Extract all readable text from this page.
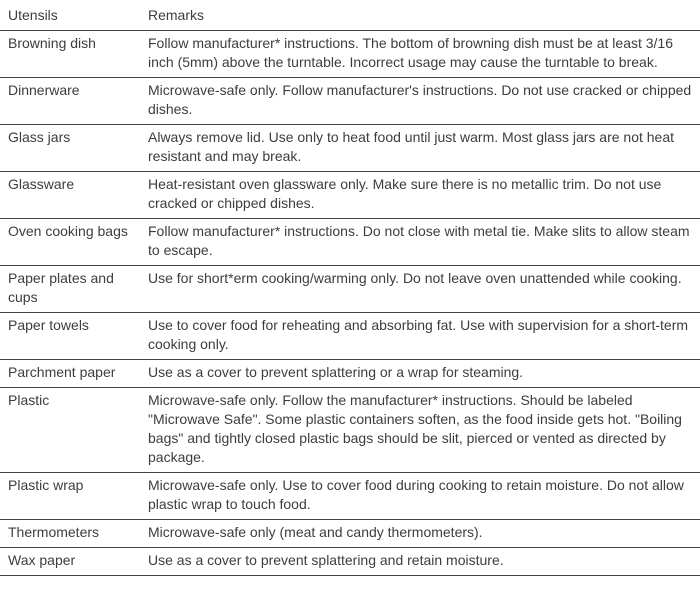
Utensils	Remarks
Browning dish	Follow manufacturer* instructions. The bottom of browning dish must be at least 3/16 inch (5mm) above the turntable. Incorrect usage may cause the turntable to break.
Dinnerware	Microwave-safe only. Follow manufacturer's instructions. Do not use cracked or chipped dishes.
Glass jars	Always remove lid. Use only to heat food until just warm. Most glass jars are not heat resistant and may break.
Glassware	Heat-resistant oven glassware only. Make sure there is no metallic trim. Do not use cracked or chipped dishes.
Oven cooking bags	Follow manufacturer* instructions. Do not close with metal tie. Make slits to allow steam to escape.
Paper plates and cups	Use for short*erm cooking/warming only. Do not leave oven unattended while cooking.
Paper towels	Use to cover food for reheating and absorbing fat. Use with supervision for a short-term cooking only.
Parchment paper	Use as a cover to prevent splattering or a wrap for steaming.
Plastic	Microwave-safe only. Follow the manufacturer* instructions. Should be labeled "Microwave Safe". Some plastic containers soften, as the food inside gets hot. "Boiling bags" and tightly closed plastic bags should be slit, pierced or vented as directed by package.
Plastic wrap	Microwave-safe only. Use to cover food during cooking to retain moisture. Do not allow plastic wrap to touch food.
Thermometers	Microwave-safe only (meat and candy thermometers).
Wax paper	Use as a cover to prevent splattering and retain moisture.
